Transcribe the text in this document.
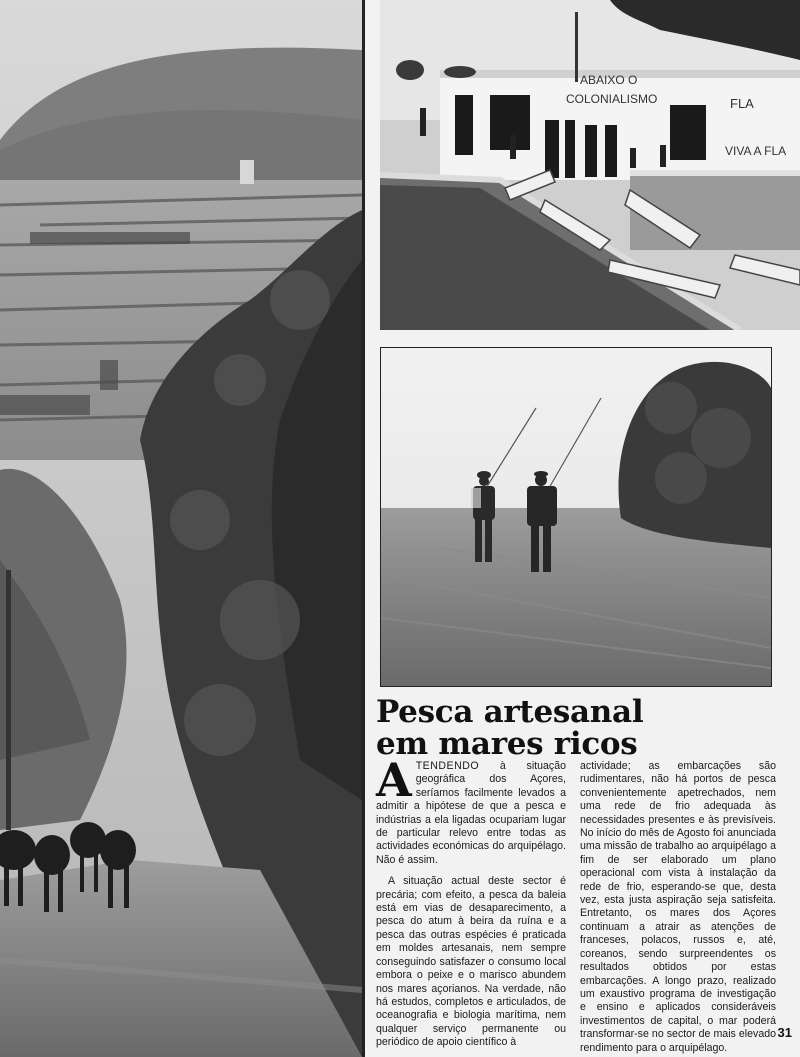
ABAIXO O
COLONIALISMO	FLA
VIVA A FLA
Pesca artesanal
em mares ricos

ATENDENDO à situação geográfica dos Açores, seríamos facilmente levados a admitir a hipótese de que a pesca e indústrias a ela ligadas ocupariam lugar de particular relevo entre todas as actividades económicas do arquipélago. Não é assim.

A situação actual deste sector é precária; com efeito, a pesca da baleia está em vias de desaparecimento, a pesca do atum à beira da ruína e a pesca das outras espécies é praticada em moldes artesanais, nem sempre conseguindo satisfazer o consumo local embora o peixe e o marisco abundem nos mares açorianos. Na verdade, não há estudos, completos e articulados, de oceanografia e biologia marítima, nem qualquer serviço permanente ou periódico de apoio científico à

actividade; as embarcações são rudimentares, não há portos de pesca convenientemente apetrechados, nem uma rede de frio adequada às necessidades presentes e às previsíveis. No início do mês de Agosto foi anunciada uma missão de trabalho ao arquipélago a fim de ser elaborado um plano operacional com vista à instalação da rede de frio, esperando-se que, desta vez, esta justa aspiração seja satisfeita. Entretanto, os mares dos Açores continuam a atrair as atenções de franceses, polacos, russos e, até, coreanos, sendo surpreendentes os resultados obtidos por estas embarcações. A longo prazo, realizado um exaustivo programa de investigação e ensino e aplicados consideráveis investimentos de capital, o mar poderá transformar-se no sector de mais elevado rendimento para o arquipélago.

31
